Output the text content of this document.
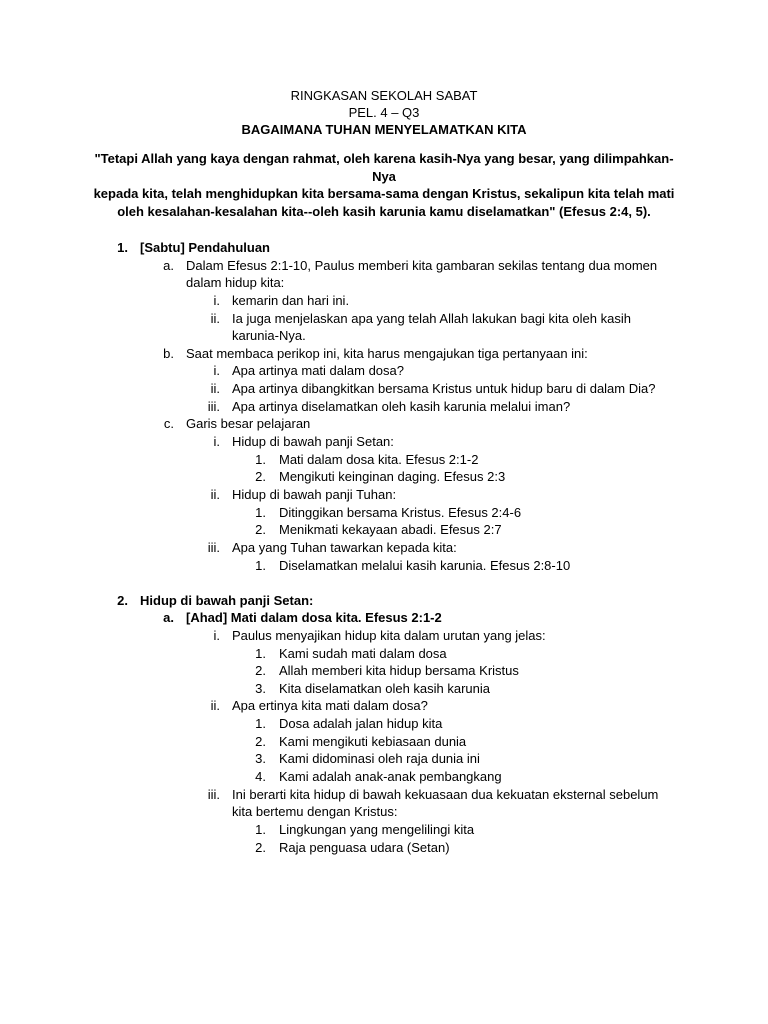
RINGKASAN SEKOLAH SABAT
PEL. 4 – Q3
BAGAIMANA TUHAN MENYELAMATKAN KITA
"Tetapi Allah yang kaya dengan rahmat, oleh karena kasih-Nya yang besar, yang dilimpahkan-Nya
kepada kita, telah menghidupkan kita bersama-sama dengan Kristus, sekalipun kita telah mati
oleh kesalahan-kesalahan kita--oleh kasih karunia kamu diselamatkan" (Efesus 2:4, 5).
1. [Sabtu] Pendahuluan
a. Dalam Efesus 2:1-10, Paulus memberi kita gambaran sekilas tentang dua momen
dalam hidup kita:
i. kemarin dan hari ini.
ii. Ia juga menjelaskan apa yang telah Allah lakukan bagi kita oleh kasih
karunia-Nya.
b. Saat membaca perikop ini, kita harus mengajukan tiga pertanyaan ini:
i. Apa artinya mati dalam dosa?
ii. Apa artinya dibangkitkan bersama Kristus untuk hidup baru di dalam Dia?
iii. Apa artinya diselamatkan oleh kasih karunia melalui iman?
c. Garis besar pelajaran
i. Hidup di bawah panji Setan:
1. Mati dalam dosa kita. Efesus 2:1-2
2. Mengikuti keinginan daging. Efesus 2:3
ii. Hidup di bawah panji Tuhan:
1. Ditinggikan bersama Kristus. Efesus 2:4-6
2. Menikmati kekayaan abadi. Efesus 2:7
iii. Apa yang Tuhan tawarkan kepada kita:
1. Diselamatkan melalui kasih karunia. Efesus 2:8-10
2. Hidup di bawah panji Setan:
a. [Ahad] Mati dalam dosa kita. Efesus 2:1-2
i. Paulus menyajikan hidup kita dalam urutan yang jelas:
1. Kami sudah mati dalam dosa
2. Allah memberi kita hidup bersama Kristus
3. Kita diselamatkan oleh kasih karunia
ii. Apa ertinya kita mati dalam dosa?
1. Dosa adalah jalan hidup kita
2. Kami mengikuti kebiasaan dunia
3. Kami didominasi oleh raja dunia ini
4. Kami adalah anak-anak pembangkang
iii. Ini berarti kita hidup di bawah kekuasaan dua kekuatan eksternal sebelum
kita bertemu dengan Kristus:
1. Lingkungan yang mengelilingi kita
2. Raja penguasa udara (Setan)
